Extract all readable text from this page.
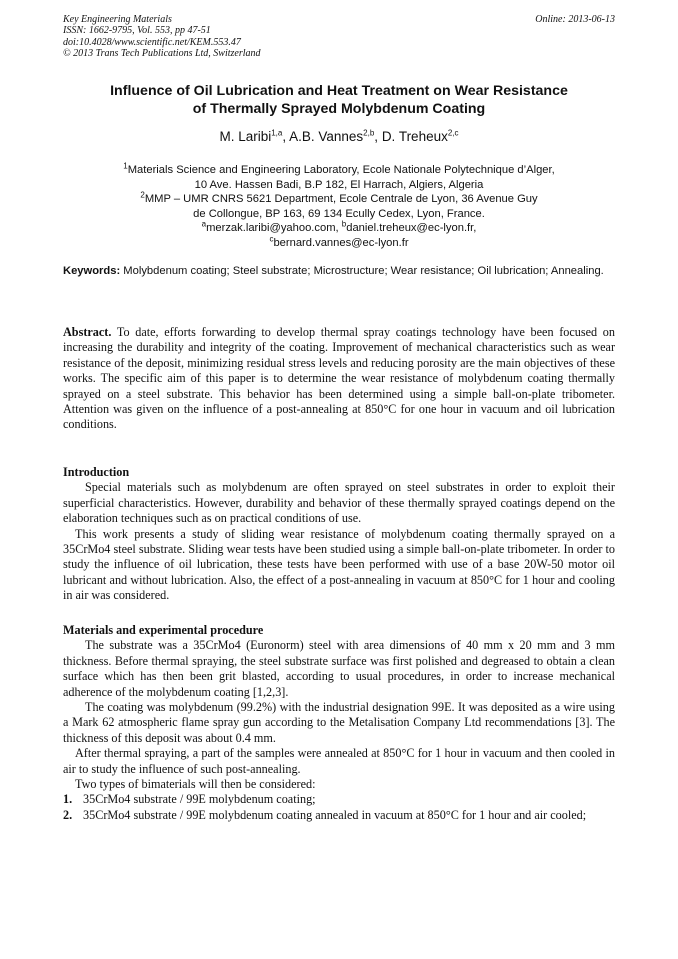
Key Engineering Materials
ISSN: 1662-9795, Vol. 553, pp 47-51
doi:10.4028/www.scientific.net/KEM.553.47
© 2013 Trans Tech Publications Ltd, Switzerland
Online: 2013-06-13
Influence of Oil Lubrication and Heat Treatment on Wear Resistance
of Thermally Sprayed Molybdenum Coating
M. Laribi$^{1,a}$, A.B. Vannes$^{2,b}$, D. Treheux$^{2,c}$
$^1$Materials Science and Engineering Laboratory, Ecole Nationale Polytechnique d’Alger,
10 Ave. Hassen Badi, B.P 182, El Harrach, Algiers, Algeria
$^2$MMP – UMR CNRS 5621 Department, Ecole Centrale de Lyon, 36 Avenue Guy
de Collongue, BP 163, 69 134 Ecully Cedex, Lyon, France.
$^a$merzak.laribi@yahoo.com, $^b$daniel.treheux@ec-lyon.fr,
$^c$bernard.vannes@ec-lyon.fr
Keywords: Molybdenum coating; Steel substrate; Microstructure; Wear resistance; Oil lubrication; Annealing.

Abstract. To date, efforts forwarding to develop thermal spray coatings technology have been focused on increasing the durability and integrity of the coating. Improvement of mechanical characteristics such as wear resistance of the deposit, minimizing residual stress levels and reducing porosity are the main objectives of these works. The specific aim of this paper is to determine the wear resistance of molybdenum coating thermally sprayed on a steel substrate. This behavior has been determined using a simple ball-on-plate tribometer. Attention was given on the influence of a post-annealing at 850°C for one hour in vacuum and oil lubrication conditions.

Introduction

Special materials such as molybdenum are often sprayed on steel substrates in order to exploit their superficial characteristics. However, durability and behavior of these thermally sprayed coatings depend on the elaboration techniques such as on practical conditions of use.

This work presents a study of sliding wear resistance of molybdenum coating thermally sprayed on a 35CrMo4 steel substrate. Sliding wear tests have been studied using a simple ball-on-plate tribometer. In order to study the influence of oil lubrication, these tests have been performed with use of a base 20W-50 motor oil lubricant and without lubrication. Also, the effect of a post-annealing in vacuum at 850°C for 1 hour and cooling in air was considered.

Materials and experimental procedure

The substrate was a 35CrMo4 (Euronorm) steel with area dimensions of 40 mm x 20 mm and 3 mm thickness. Before thermal spraying, the steel substrate surface was first polished and degreased to obtain a clean surface which has then been grit blasted, according to usual procedures, in order to increase mechanical adherence of the molybdenum coating [1,2,3].

The coating was molybdenum (99.2%) with the industrial designation 99E. It was deposited as a wire using a Mark 62 atmospheric flame spray gun according to the Metalisation Company Ltd recommendations [3]. The thickness of this deposit was about 0.4 mm.

After thermal spraying, a part of the samples were annealed at 850°C for 1 hour in vacuum and then cooled in air to study the influence of such post-annealing.

Two types of bimaterials will then be considered:

1. 35CrMo4 substrate / 99E molybdenum coating;

2. 35CrMo4 substrate / 99E molybdenum coating annealed in vacuum at 850°C for 1 hour and air cooled;
